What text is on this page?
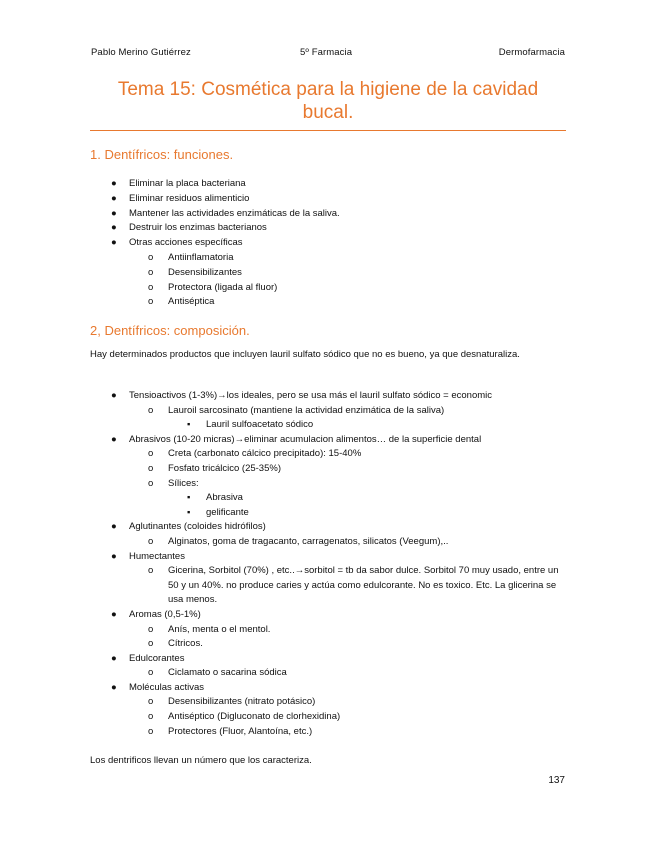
Pablo Merino Gutiérrez	5º Farmacia	Dermofarmacia
Tema 15: Cosmética para la higiene de la cavidad bucal.
1. Dentífricos: funciones.
● Eliminar la placa bacteriana
● Eliminar residuos alimenticio
● Mantener las actividades enzimáticas de la saliva.
● Destruir los enzimas bacterianos
● Otras acciones específicas
o Antiinflamatoria
o Desensibilizantes
o Protectora (ligada al fluor)
o Antiséptica
2, Dentífricos: composición.
Hay determinados productos que incluyen lauril sulfato sódico que no es bueno, ya que desnaturaliza.
● Tensioactivos (1-3%)→los ideales, pero se usa más el lauril sulfato sódico = economic
o Lauroil sarcosinato (mantiene la actividad enzimática de la saliva)
▪ Lauril sulfoacetato sódico
● Abrasivos (10-20 micras)→eliminar acumulacion alimentos… de la superficie dental
o Creta (carbonato cálcico precipitado): 15-40%
o Fosfato tricálcico (25-35%)
o Sílices:
▪ Abrasiva
▪ gelificante
● Aglutinantes (coloides hidrófilos)
o Alginatos, goma de tragacanto, carragenatos, silicatos (Veegum),..
● Humectantes
o Gicerina, Sorbitol (70%) , etc..→sorbitol = tb da sabor dulce. Sorbitol 70 muy usado, entre un 50 y un 40%. no produce caries y actúa como edulcorante. No es toxico. Etc. La glicerina se usa menos.
● Aromas (0,5-1%)
o Anís, menta o el mentol.
o Cítricos.
● Edulcorantes
o Ciclamato o sacarina sódica
● Moléculas activas
o Desensibilizantes (nitrato potásico)
o Antiséptico (Digluconato de clorhexidina)
o Protectores (Fluor, Alantoína, etc.)
Los dentrificos llevan un número que los caracteriza.
137
